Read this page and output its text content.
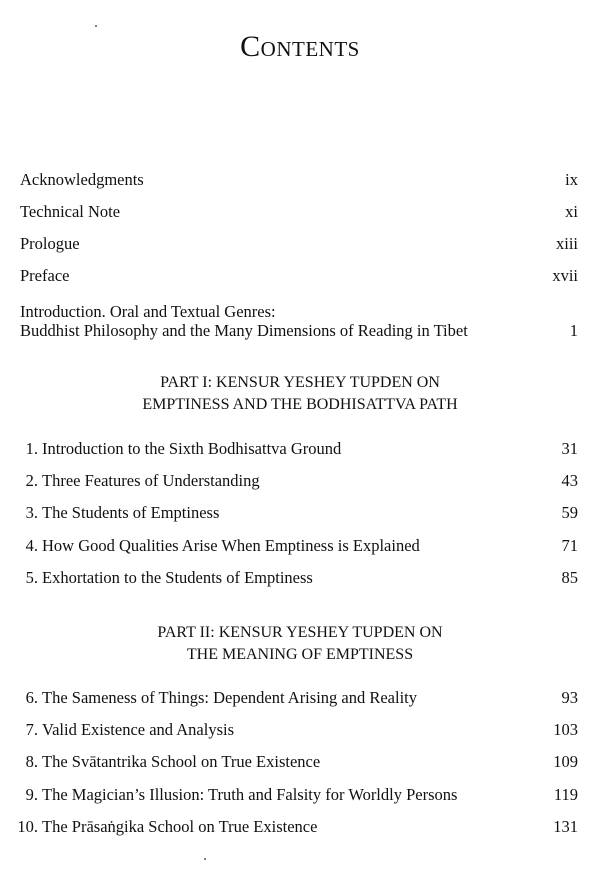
Contents
Acknowledgments	ix
Technical Note	xi
Prologue	xiii
Preface	xvii
Introduction. Oral and Textual Genres:
Buddhist Philosophy and the Many Dimensions of Reading in Tibet	1
PART I: KENSUR YESHEY TUPDEN ON
EMPTINESS AND THE BODHISATTVA PATH
1. Introduction to the Sixth Bodhisattva Ground	31
2. Three Features of Understanding	43
3. The Students of Emptiness	59
4. How Good Qualities Arise When Emptiness is Explained	71
5. Exhortation to the Students of Emptiness	85
PART II: KENSUR YESHEY TUPDEN ON
THE MEANING OF EMPTINESS
6. The Sameness of Things: Dependent Arising and Reality	93
7. Valid Existence and Analysis	103
8. The Svātantrika School on True Existence	109
9. The Magician’s Illusion: Truth and Falsity for Worldly Persons	119
10. The Prāsaṅgika School on True Existence	131
